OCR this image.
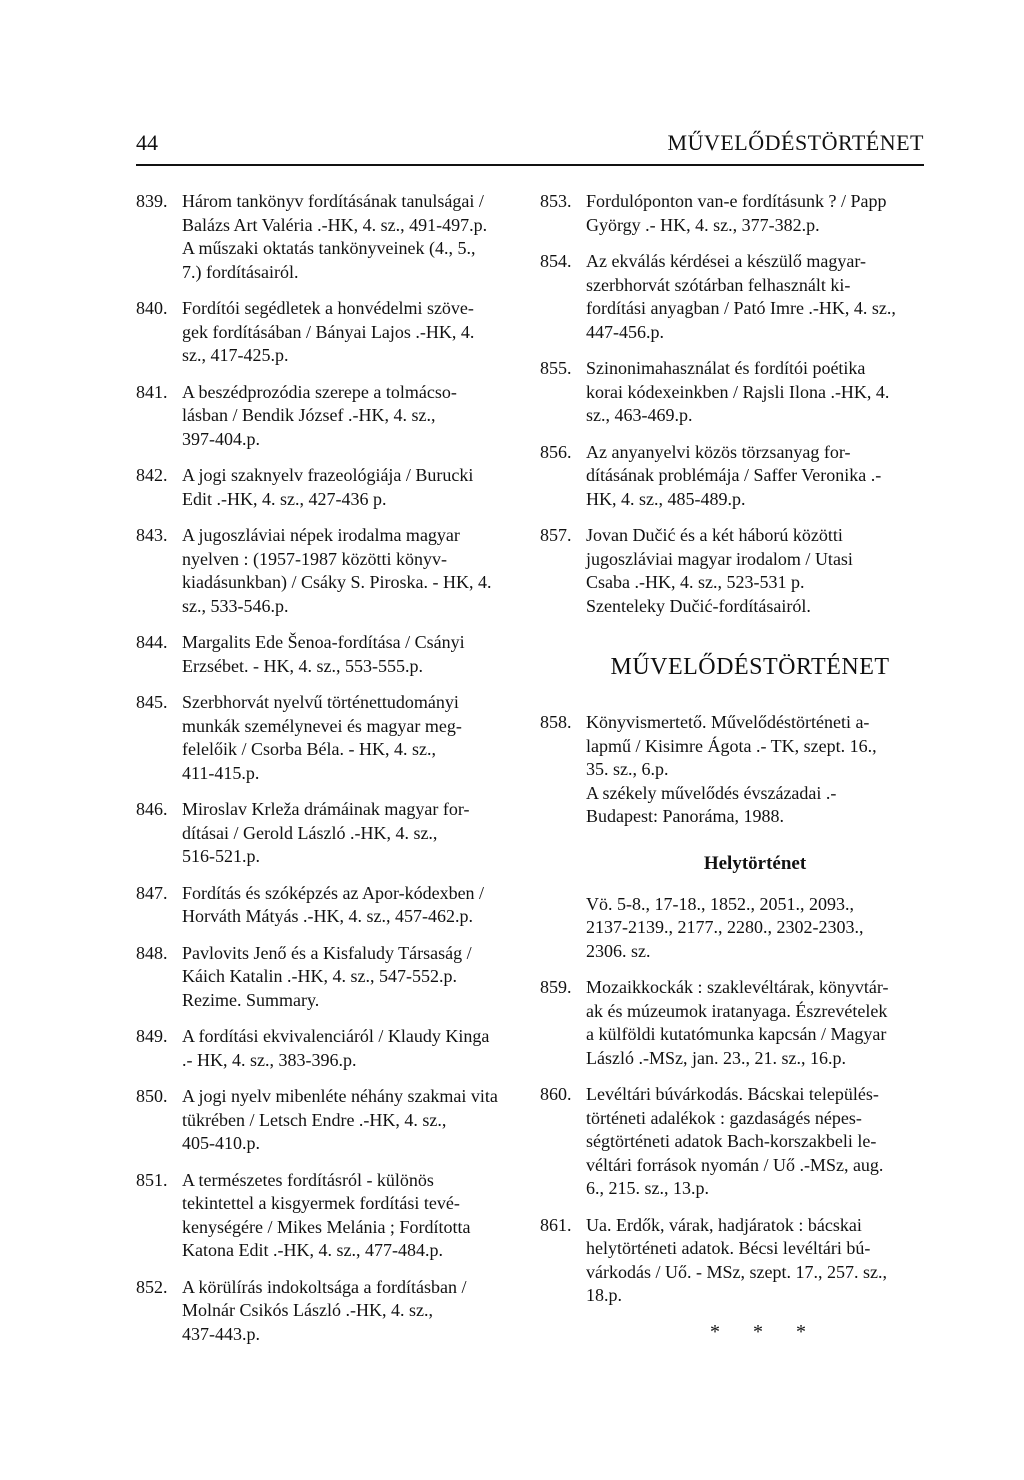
44	MŰVELŐDÉSTÖRTÉNET
839. Három tankönyv fordításának tanulságai /
Balázs Art Valéria .-HK, 4. sz., 491-497.p.
A műszaki oktatás tankönyveinek (4., 5.,
7.) fordításairól.
840. Fordítói segédletek a honvédelmi szöve-
gek fordításában / Bányai Lajos .-HK, 4.
sz., 417-425.p.
841. A beszédprozódia szerepe a tolmácso-
lásban / Bendik József .-HK, 4. sz.,
397-404.p.
842. A jogi szaknyelv frazeológiája / Burucki
Edit .-HK, 4. sz., 427-436 p.
843. A jugoszláviai népek irodalma magyar
nyelven : (1957-1987 közötti könyv-
kiadásunkban) / Csáky S. Piroska. - HK, 4.
sz., 533-546.p.
844. Margalits Ede Šenoa-fordítása / Csányi
Erzsébet. - HK, 4. sz., 553-555.p.
845. Szerbhorvát nyelvű történettudományi
munkák személynevei és magyar meg-
felelőik / Csorba Béla. - HK, 4. sz.,
411-415.p.
846. Miroslav Krleža drámáinak magyar for-
dításai / Gerold László .-HK, 4. sz.,
516-521.p.
847. Fordítás és szóképzés az Apor-kódexben /
Horváth Mátyás .-HK, 4. sz., 457-462.p.
848. Pavlovits Jenő és a Kisfaludy Társaság /
Káich Katalin .-HK, 4. sz., 547-552.p.
Rezime. Summary.
849. A fordítási ekvivalenciáról / Klaudy Kinga
.- HK, 4. sz., 383-396.p.
850. A jogi nyelv mibenléte néhány szakmai vita
tükrében / Letsch Endre .-HK, 4. sz.,
405-410.p.
851. A természetes fordításról - különös
tekintettel a kisgyermek fordítási tevé-
kenységére / Mikes Melánia ; Fordította
Katona Edit .-HK, 4. sz., 477-484.p.
852. A körülírás indokoltsága a fordításban /
Molnár Csikós László .-HK, 4. sz.,
437-443.p.
853. Fordulóponton van-e fordításunk ? / Papp
György .- HK, 4. sz., 377-382.p.
854. Az ekválás kérdései a készülő magyar-
szerbhorvát szótárban felhasznált ki-
fordítási anyagban / Pató Imre .-HK, 4. sz.,
447-456.p.
855. Szinonimahasználat és fordítói poétika
korai kódexeinkben / Rajsli Ilona .-HK, 4.
sz., 463-469.p.
856. Az anyanyelvi közös törzsanyag for-
dításának problémája / Saffer Veronika .-
HK, 4. sz., 485-489.p.
857. Jovan Dučić és a két háború közötti
jugoszláviai magyar irodalom / Utasi
Csaba .-HK, 4. sz., 523-531 p.
Szenteleky Dučić-fordításairól.
MŰVELŐDÉSTÖRTÉNET
858. Könyvismertető. Művelődéstörténeti a-
lapmű / Kisimre Ágota .- TK, szept. 16.,
35. sz., 6.p.
A székely művelődés évszázadai .-
Budapest: Panoráma, 1988.
Helytörténet
Vö. 5-8., 17-18., 1852., 2051., 2093.,
2137-2139., 2177., 2280., 2302-2303.,
2306. sz.
859. Mozaikkockák : szaklevéltárak, könyvtár-
ak és múzeumok iratanyaga. Észrevételek
a külföldi kutatómunka kapcsán / Magyar
László .-MSz, jan. 23., 21. sz., 16.p.
860. Levéltári búvárkodás. Bácskai település-
történeti adalékok : gazdaságés népes-
ségtörténeti adatok Bach-korszakbeli le-
véltári források nyomán / Uő .-MSz, aug.
6., 215. sz., 13.p.
861. Ua. Erdők, várak, hadjáratok : bácskai
helytörténeti adatok. Bécsi levéltári bú-
várkodás / Uő. - MSz, szept. 17., 257. sz.,
18.p.
* * *
